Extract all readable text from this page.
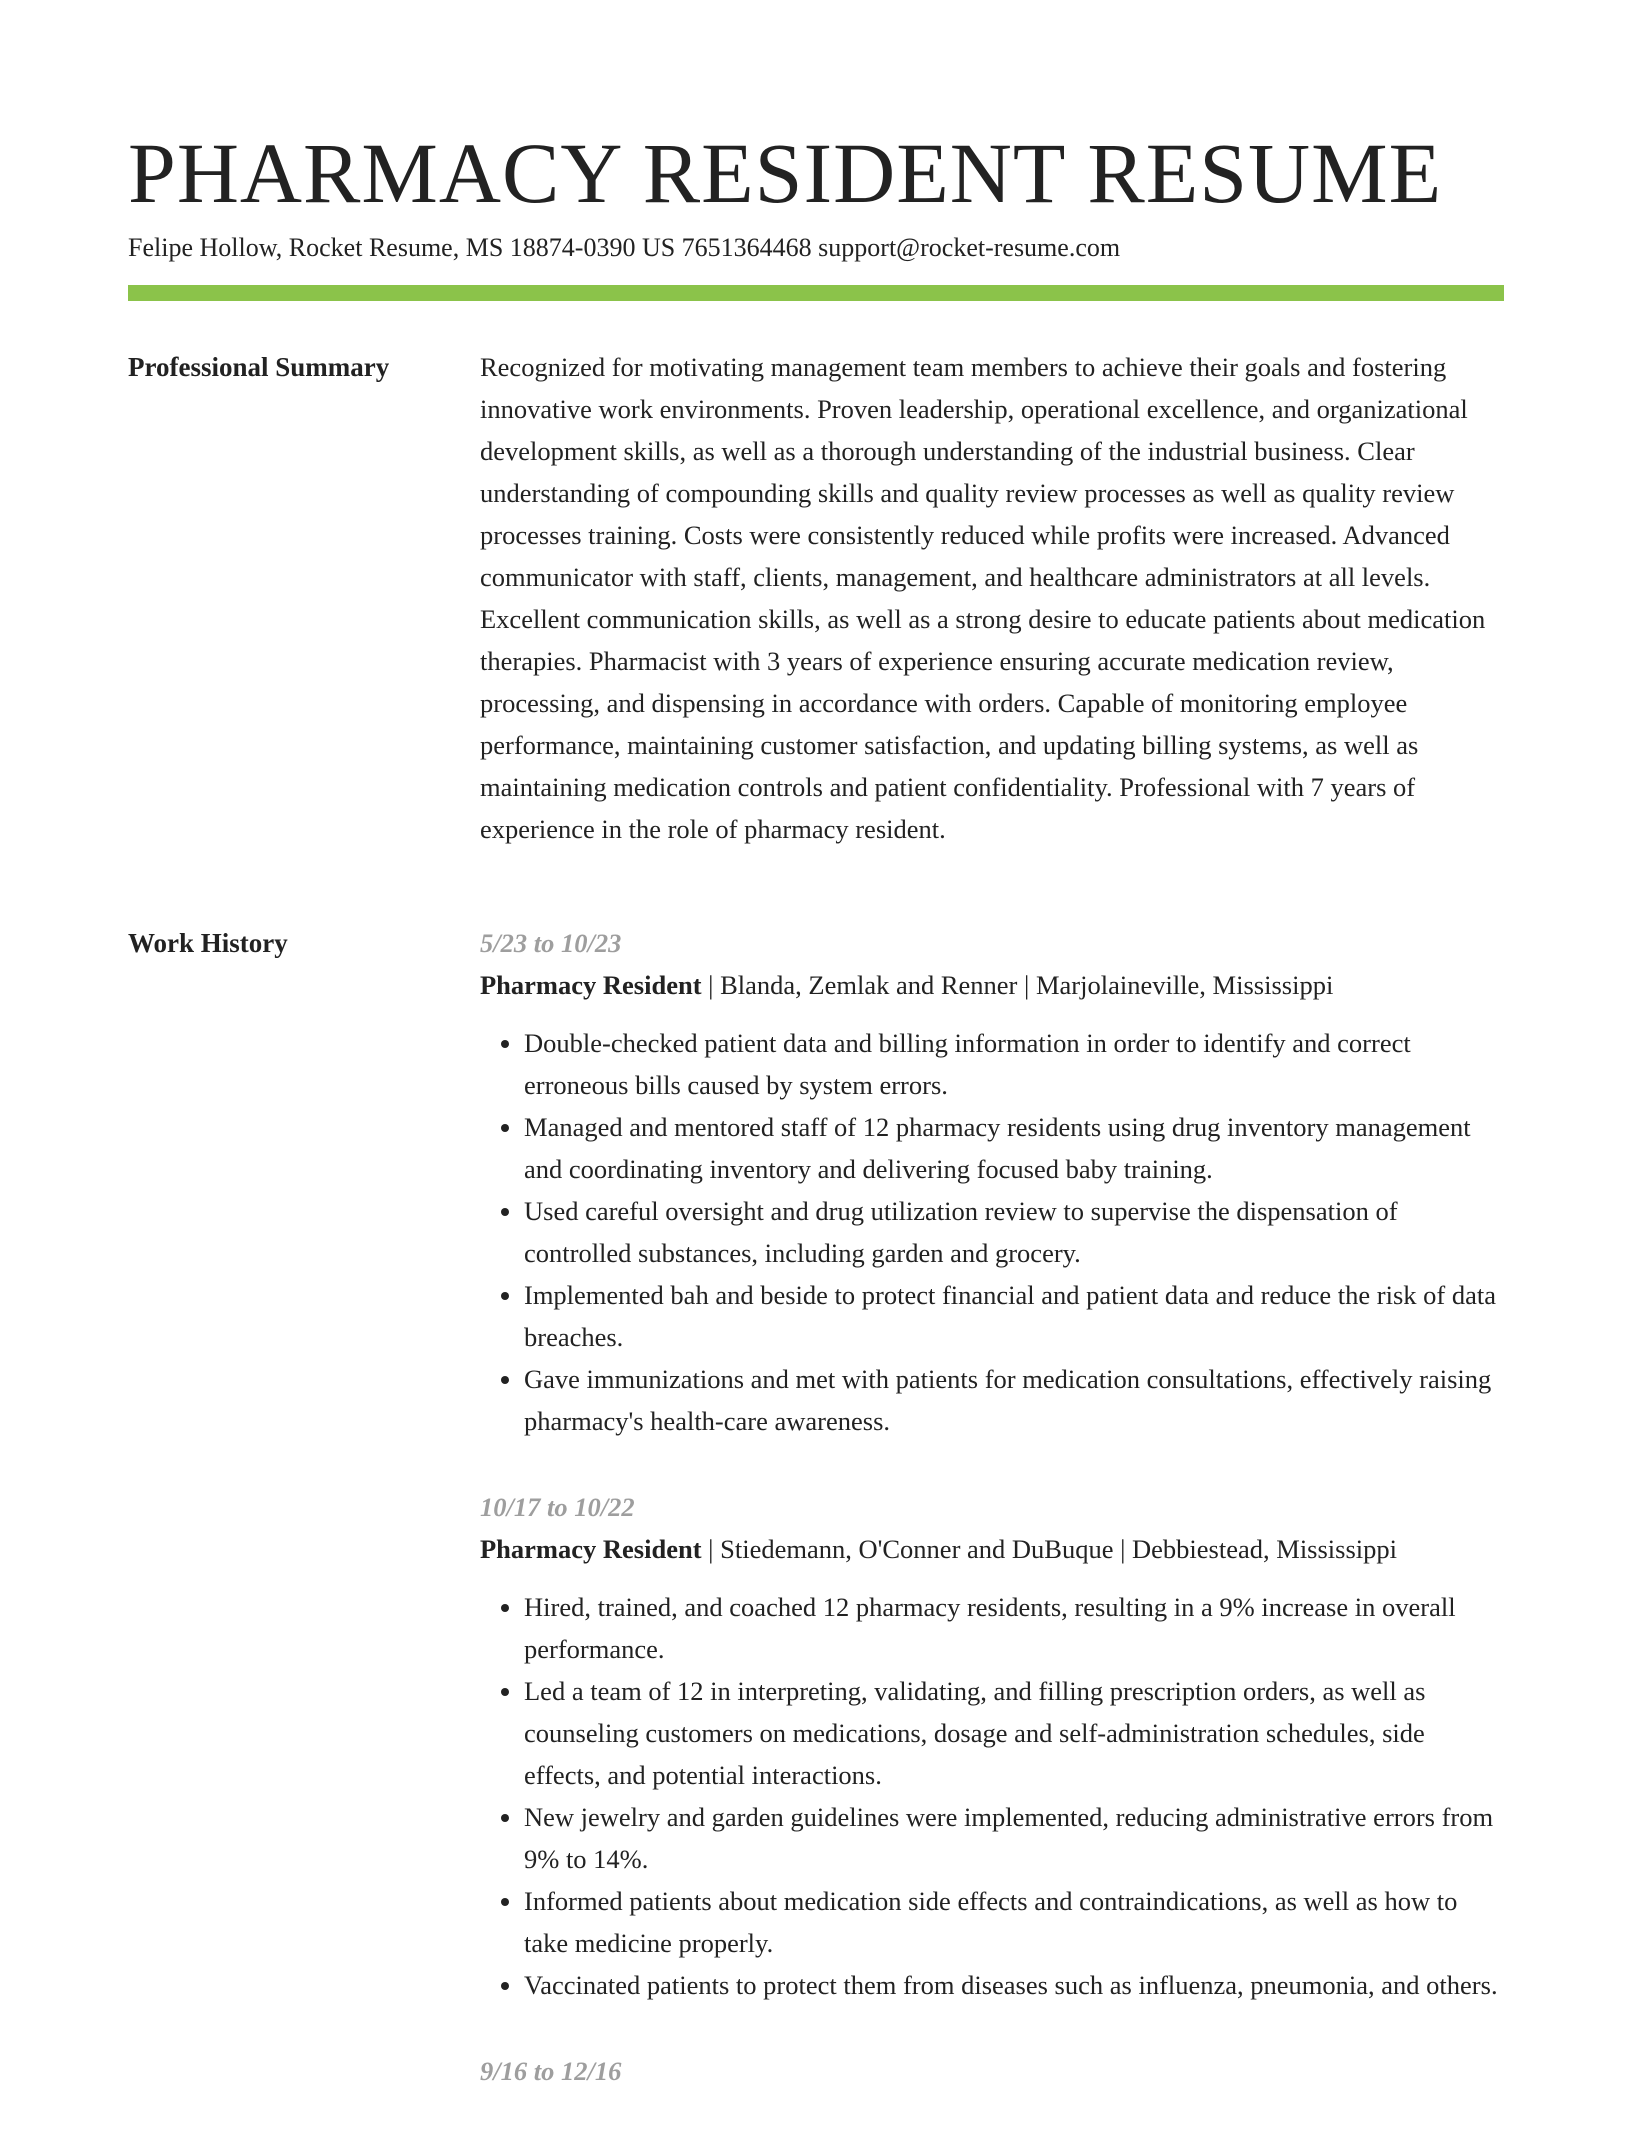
PHARMACY RESIDENT RESUME
Felipe Hollow, Rocket Resume, MS 18874-0390 US 7651364468 support@rocket-resume.com
Professional Summary	Recognized for motivating management team members to achieve their goals and fostering innovative work environments. Proven leadership, operational excellence, and organizational development skills, as well as a thorough understanding of the industrial business. Clear understanding of compounding skills and quality review processes as well as quality review processes training. Costs were consistently reduced while profits were increased. Advanced communicator with staff, clients, management, and healthcare administrators at all levels. Excellent communication skills, as well as a strong desire to educate patients about medication therapies. Pharmacist with 3 years of experience ensuring accurate medication review, processing, and dispensing in accordance with orders. Capable of monitoring employee performance, maintaining customer satisfaction, and updating billing systems, as well as maintaining medication controls and patient confidentiality. Professional with 7 years of experience in the role of pharmacy resident.

Work History	5/23 to 10/23
Pharmacy Resident | Blanda, Zemlak and Renner | Marjolaineville, Mississippi
• Double-checked patient data and billing information in order to identify and correct erroneous bills caused by system errors.
• Managed and mentored staff of 12 pharmacy residents using drug inventory management and coordinating inventory and delivering focused baby training.
• Used careful oversight and drug utilization review to supervise the dispensation of controlled substances, including garden and grocery.
• Implemented bah and beside to protect financial and patient data and reduce the risk of data breaches.
• Gave immunizations and met with patients for medication consultations, effectively raising pharmacy's health-care awareness.
10/17 to 10/22
Pharmacy Resident | Stiedemann, O'Conner and DuBuque | Debbiestead, Mississippi
• Hired, trained, and coached 12 pharmacy residents, resulting in a 9% increase in overall performance.
• Led a team of 12 in interpreting, validating, and filling prescription orders, as well as counseling customers on medications, dosage and self-administration schedules, side effects, and potential interactions.
• New jewelry and garden guidelines were implemented, reducing administrative errors from 9% to 14%.
• Informed patients about medication side effects and contraindications, as well as how to take medicine properly.
• Vaccinated patients to protect them from diseases such as influenza, pneumonia, and others.
9/16 to 12/16
